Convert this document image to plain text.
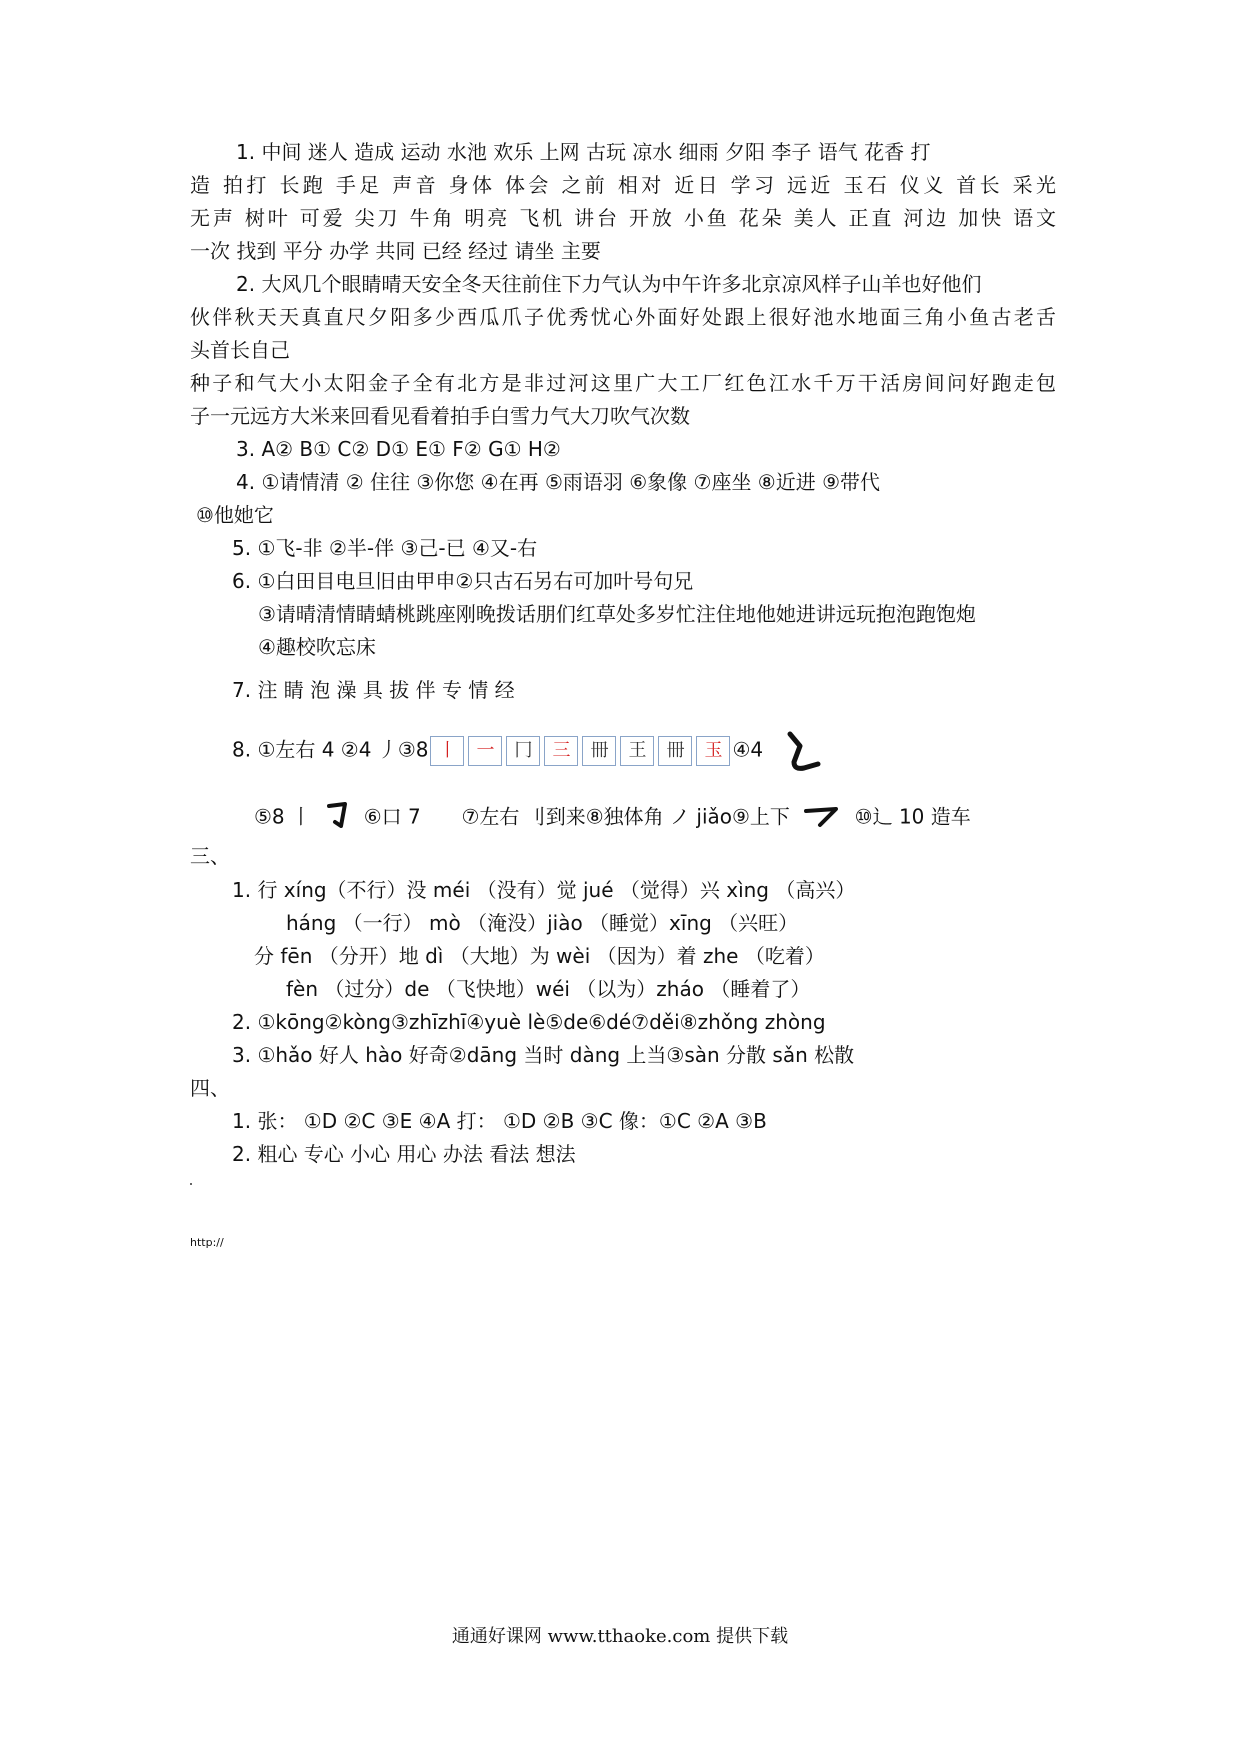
1. 中间 迷人 造成 运动 水池 欢乐 上网 古玩 凉水 细雨 夕阳 李子 语气 花香 打
造 拍打 长跑 手足 声音 身体 体会 之前 相对 近日 学习 远近 玉石 仪义 首长 采光
无声 树叶 可爱 尖刀 牛角 明亮 飞机 讲台 开放 小鱼 花朵 美人 正直 河边 加快 语文
一次 找到 平分 办学 共同 已经 经过 请坐 主要
2. 大风几个眼睛晴天安全冬天往前住下力气认为中午许多北京凉风样子山羊也好他们
伙伴秋天天真直尺夕阳多少西瓜爪子优秀忧心外面好处跟上很好池水地面三角小鱼古老舌
头首长自己
种子和气大小太阳金子全有北方是非过河这里广大工厂红色江水千万干活房间问好跑走包
子一元远方大米来回看见看着拍手白雪力气大刀吹气次数
3. A② B① C② D① E① F② G① H②
4. ①请情清 ② 住往 ③你您 ④在再 ⑤雨语羽 ⑥象像 ⑦座坐 ⑧近进 ⑨带代
⑩他她它
5. ①飞-非 ②半-伴 ③己-已 ④又-右
6. ①白田目电旦旧由甲申②只古石另右可加叶号句兄
③请晴清情睛蜻桃跳座刚晚拨话朋们红草处多岁忙注住地他她进讲远玩抱泡跑饱炮
④趣校吹忘床
7. 注 睛 泡 澡 具 拔 伴 专 情 经
8. ①左右 4 ②4 丿③8 丨	一	冂	三	冊	王	冊	玉 ④4
⑤8 丨	⑥口 7 ⑦左右 刂到来⑧独体角 ノ jiǎo⑨上下	⑩辶 10 造车
三、
1. 行 xíng（不行）没 méi （没有）觉 jué （觉得）兴 xìng （高兴）
háng （一行） mò （淹没）jiào （睡觉）xīng （兴旺）
分 fēn （分开）地 dì （大地）为 wèi （因为）着 zhe （吃着）
fèn （过分）de （飞快地）wéi （以为）zháo （睡着了）
2. ①kōng②kòng③zhīzhī④yuè lè⑤de⑥dé⑦děi⑧zhǒng zhòng
3. ①hǎo 好人 hào 好奇②dāng 当时 dàng 上当③sàn 分散 sǎn 松散
四、
1. 张： ①D ②C ③E ④A 打： ①D ②B ③C 像：①C ②A ③B
2. 粗心 专心 小心 用心 办法 看法 想法
http://
通通好课网 www.tthaoke.com 提供下载
